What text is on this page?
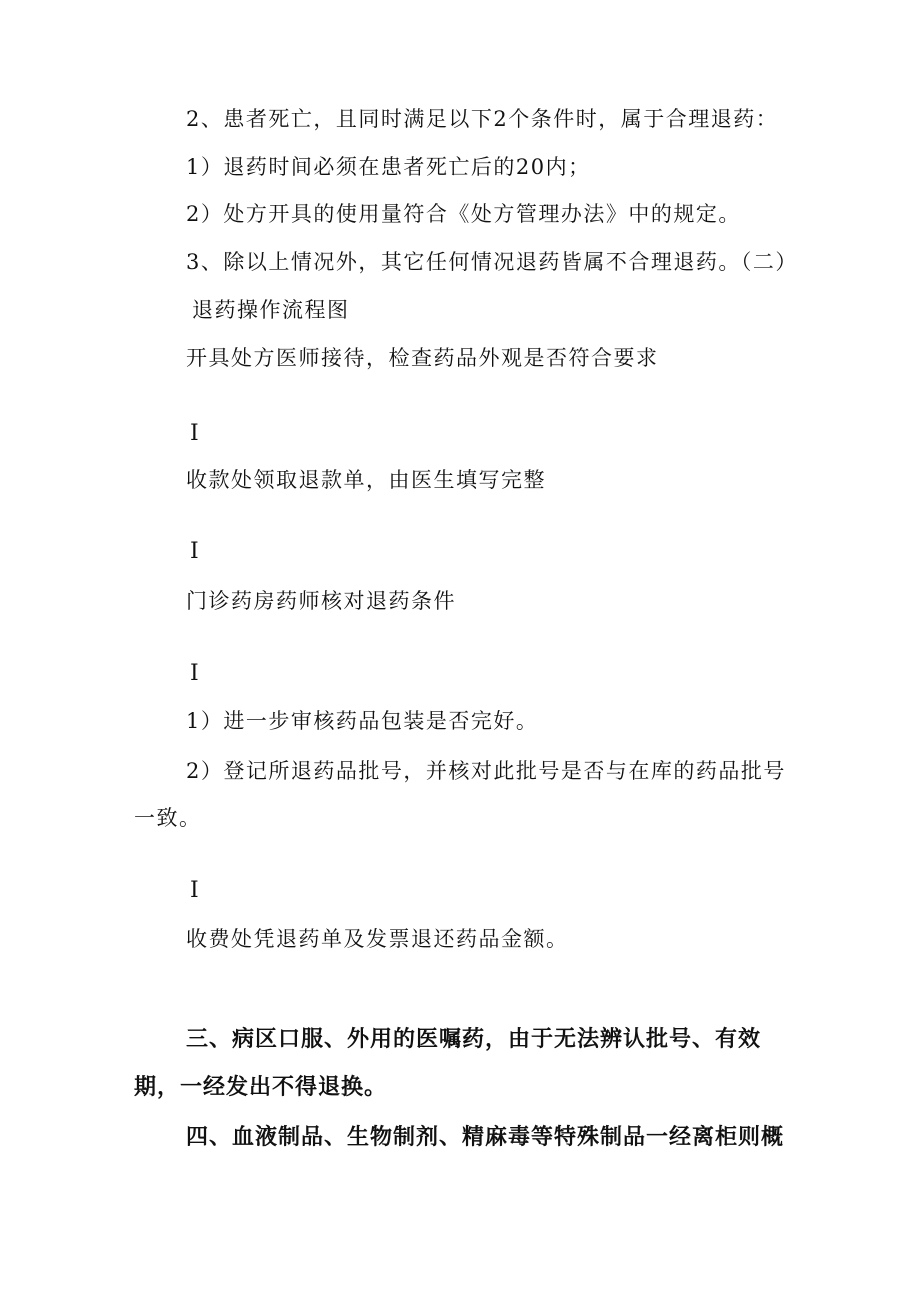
2、患者死亡，且同时满足以下2个条件时，属于合理退药：
1）退药时间必须在患者死亡后的20内；
2）处方开具的使用量符合《处方管理办法》中的规定。
3、除以上情况外，其它任何情况退药皆属不合理退药。（二）
退药操作流程图
开具处方医师接待，检查药品外观是否符合要求
I
收款处领取退款单，由医生填写完整
I
门诊药房药师核对退药条件
I
1）进一步审核药品包装是否完好。
2）登记所退药品批号，并核对此批号是否与在库的药品批号
一致。
I
收费处凭退药单及发票退还药品金额。
三、病区口服、外用的医嘱药，由于无法辨认批号、有效
期，一经发出不得退换。
四、血液制品、生物制剂、精麻毒等特殊制品一经离柜则概
